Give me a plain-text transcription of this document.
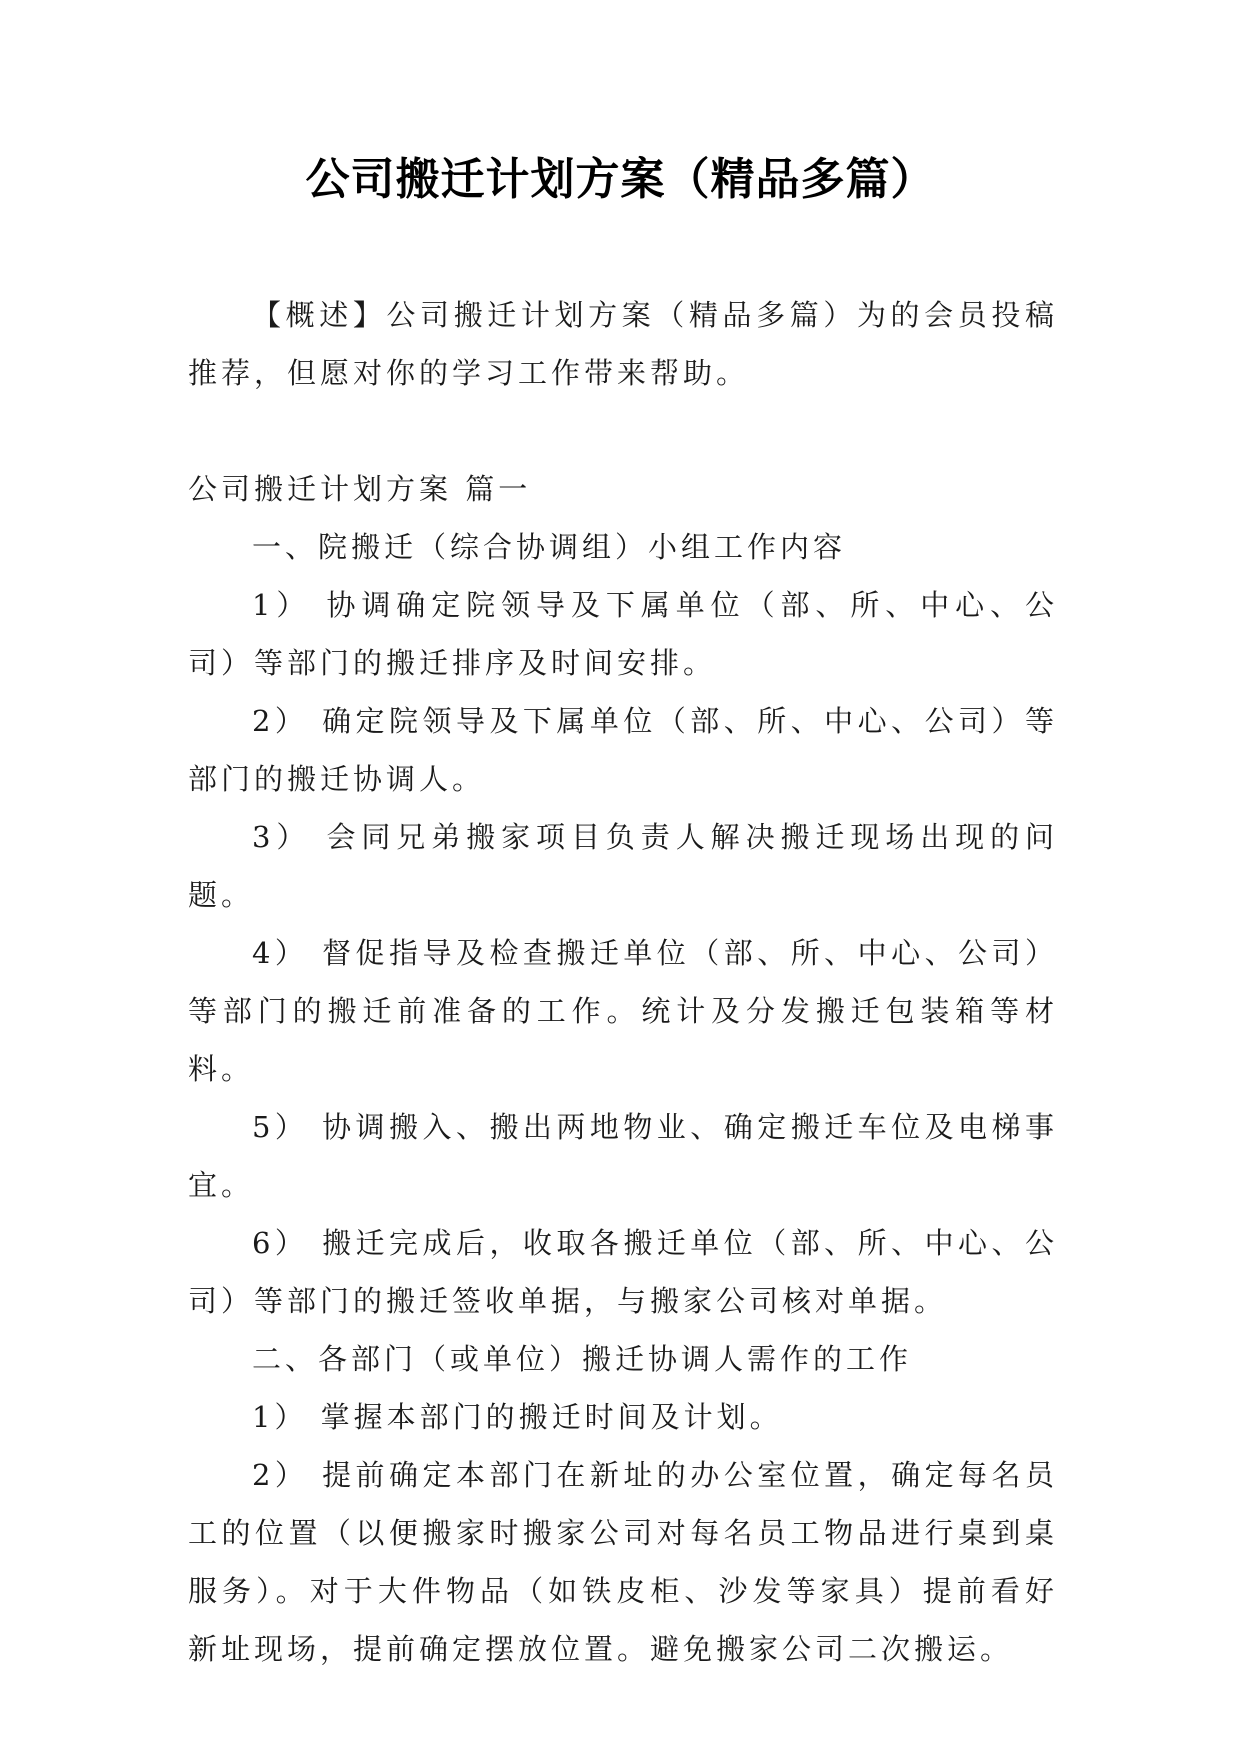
公司搬迁计划方案（精品多篇）

【概述】公司搬迁计划方案（精品多篇）为的会员投稿推荐，但愿对你的学习工作带来帮助。

公司搬迁计划方案 篇一

一、院搬迁（综合协调组）小组工作内容

1） 协调确定院领导及下属单位（部、所、中心、公司）等部门的搬迁排序及时间安排。

2） 确定院领导及下属单位（部、所、中心、公司）等部门的搬迁协调人。

3） 会同兄弟搬家项目负责人解决搬迁现场出现的问题。

4） 督促指导及检查搬迁单位（部、所、中心、公司）等部门的搬迁前准备的工作。统计及分发搬迁包装箱等材料。

5） 协调搬入、搬出两地物业、确定搬迁车位及电梯事宜。

6） 搬迁完成后，收取各搬迁单位（部、所、中心、公司）等部门的搬迁签收单据，与搬家公司核对单据。

二、各部门（或单位）搬迁协调人需作的工作

1） 掌握本部门的搬迁时间及计划。

2） 提前确定本部门在新址的办公室位置，确定每名员工的位置（以便搬家时搬家公司对每名员工物品进行桌到桌服务）。对于大件物品（如铁皮柜、沙发等家具）提前看好新址现场，提前确定摆放位置。避免搬家公司二次搬运。
